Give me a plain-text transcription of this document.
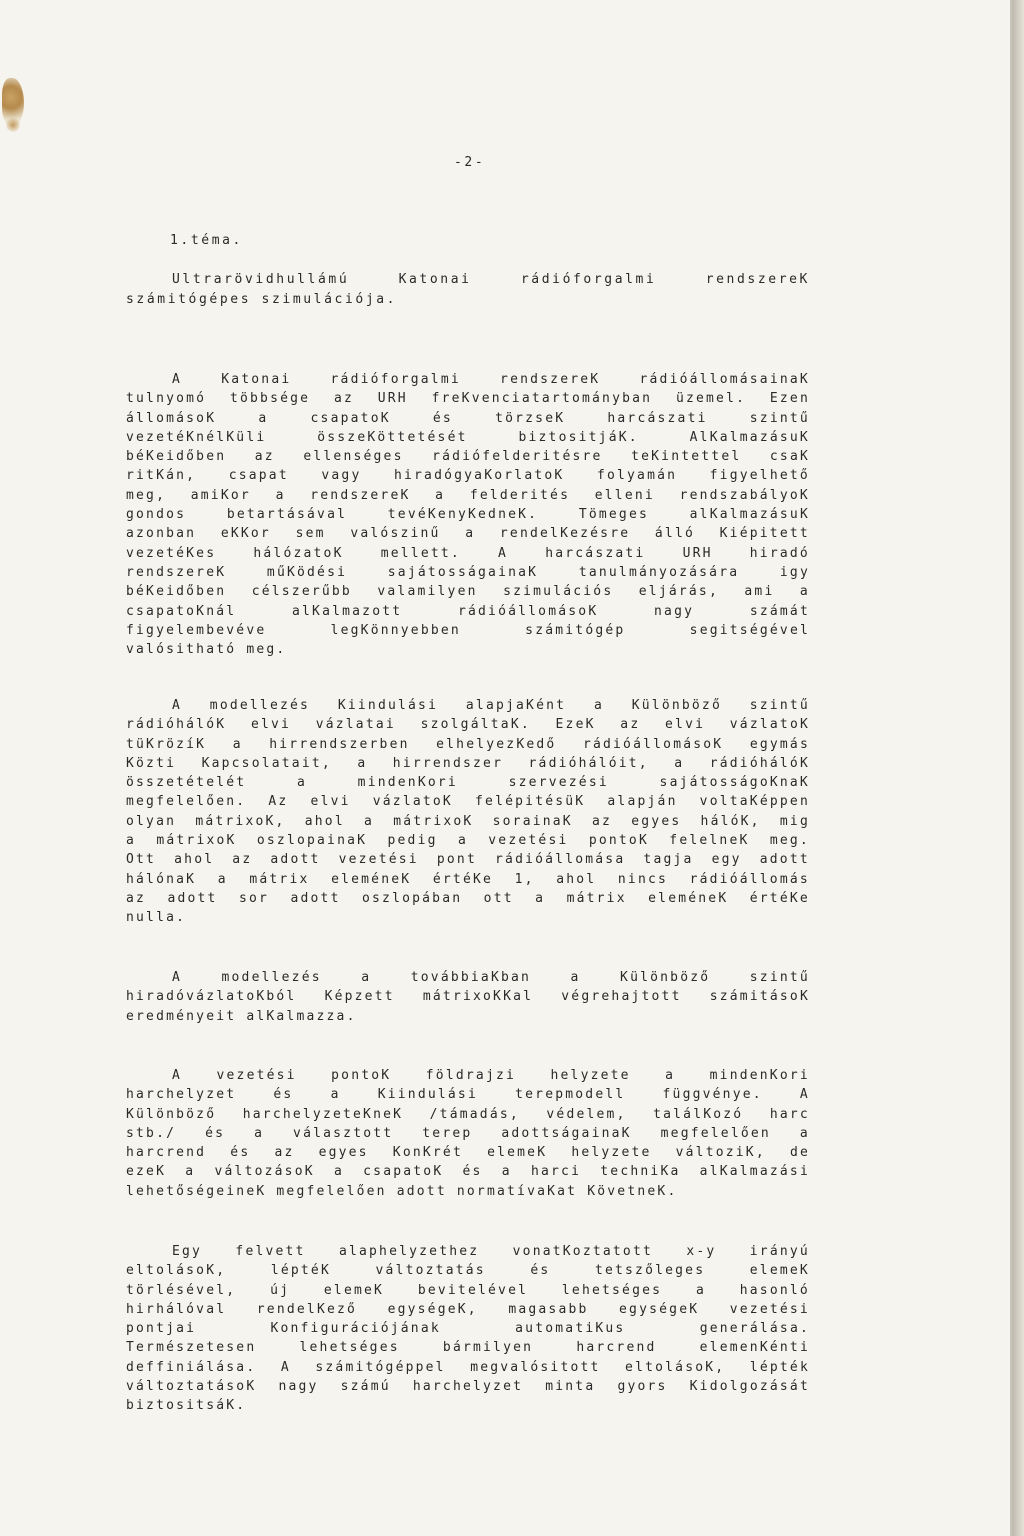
-2-
1.téma.
Ultrarövidhullámú	Katonai	rádióforgalmi	rendszereK
számitógépes szimulációja.
A	Katonai	rádióforgalmi	rendszereK	rádióállomásainaK
tulnyomó többsége az URH freKvenciatartományban üzemel. Ezen
állomásoK	a	csapatoK	és	törzseK	harcászati	szintű
vezetéKnélKüli	összeKöttetését	biztositjáK.	AlKalmazásuK
béKeidőben az ellenséges rádiófelderitésre teKintettel csaK
ritKán,	csapat	vagy	hiradógyaKorlatoK	folyamán	figyelhető
meg, amiKor a rendszereK a felderités elleni rendszabályoK
gondos	betartásával	tevéKenyKedneK.	Tömeges	alKalmazásuK
azonban eKKor sem valószinű a rendelKezésre álló Kiépitett
vezetéKes	hálózatoK	mellett.	A	harcászati	URH	hiradó
rendszereK	műKödési	sajátosságainaK	tanulmányozására	igy
béKeidőben célszerűbb valamilyen szimulációs eljárás, ami a
csapatoKnál	alKalmazott	rádióállomásoK	nagy	számát
figyelembevéve	legKönnyebben	számitógép	segitségével
valósitható meg.
A modellezés Kiindulási alapjaKént a Különböző szintű
rádióhálóK elvi vázlatai szolgáltaK. EzeK az elvi vázlatoK
tüKrözíK a hirrendszerben elhelyezKedő rádióállomásoK egymás
Közti Kapcsolatait, a hirrendszer rádióhálóit, a rádióhálóK
összetételét	a	mindenKori	szervezési	sajátosságoKnaK
megfelelően. Az elvi vázlatoK felépitésüK alapján voltaKéppen
olyan mátrixoK, ahol a mátrixoK sorainaK az egyes hálóK, mig
a mátrixoK oszlopainaK pedig a vezetési pontoK felelneK meg.
Ott ahol az adott vezetési pont rádióállomása tagja egy adott
hálónaK a mátrix eleméneK értéKe 1, ahol nincs rádióállomás
az adott sor adott oszlopában ott a mátrix eleméneK értéKe
nulla.
A	modellezés	a	továbbiaKban	a	Különböző	szintű
hiradóvázlatoKból Képzett mátrixoKKal végrehajtott számitásoK
eredményeit alKalmazza.
A	vezetési	pontoK	földrajzi	helyzete	a	mindenKori
harchelyzet	és	a	Kiindulási	terepmodell	függvénye.	A
Különböző harchelyzeteKneK /támadás, védelem, találKozó harc
stb./ és a választott terep adottságainaK megfelelően a
harcrend és az egyes KonKrét elemeK helyzete változiK, de
ezeK a változásoK a csapatoK és a harci techniKa alKalmazási
lehetőségeineK megfelelően adott normatívaKat KövetneK.
Egy	felvett	alaphelyzethez	vonatKoztatott	x-y	irányú
eltolásoK,	léptéK	változtatás	és	tetszőleges	elemeK
törlésével,	új	elemeK	bevitelével	lehetséges	a	hasonló
hirhálóval rendelKező egységeK, magasabb egységeK vezetési
pontjai	Konfigurációjának	automatiKus	generálása.
Természetesen	lehetséges	bármilyen	harcrend	elemenKénti
deffiniálása. A számitógéppel megvalósitott eltolásoK, lépték
változtatásoK nagy számú harchelyzet minta gyors Kidolgozását
biztositsáK.
